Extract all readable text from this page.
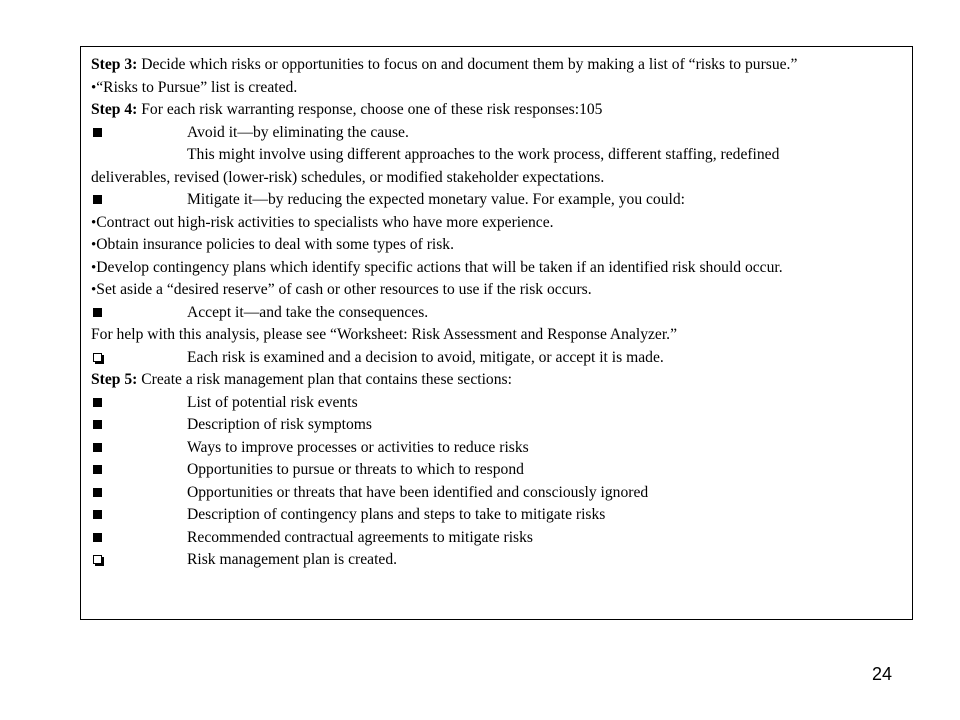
Step 3: Decide which risks or opportunities to focus on and document them by making a list of “risks to pursue.”
•“Risks to Pursue” list is created.
Step 4: For each risk warranting response, choose one of these risk responses:105
Avoid it—by eliminating the cause.
This might involve using different approaches to the work process, different staffing, redefined
deliverables, revised (lower-risk) schedules, or modified stakeholder expectations.
Mitigate it—by reducing the expected monetary value. For example, you could:
•Contract out high-risk activities to specialists who have more experience.
•Obtain insurance policies to deal with some types of risk.
•Develop contingency plans which identify specific actions that will be taken if an identified risk should occur.
•Set aside a “desired reserve” of cash or other resources to use if the risk occurs.
Accept it—and take the consequences.
For help with this analysis, please see “Worksheet: Risk Assessment and Response Analyzer.”
Each risk is examined and a decision to avoid, mitigate, or accept it is made.
Step 5: Create a risk management plan that contains these sections:
List of potential risk events
Description of risk symptoms
Ways to improve processes or activities to reduce risks
Opportunities to pursue or threats to which to respond
Opportunities or threats that have been identified and consciously ignored
Description of contingency plans and steps to take to mitigate risks
Recommended contractual agreements to mitigate risks
Risk management plan is created.
24
